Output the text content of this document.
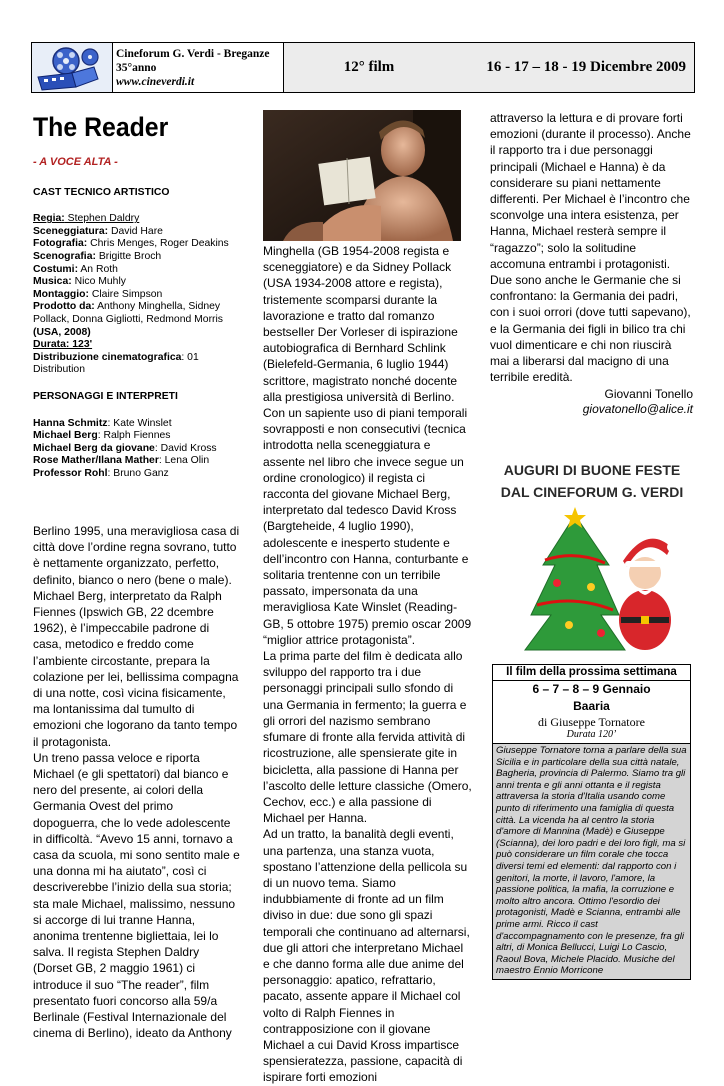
Cineforum G. Verdi - Breganze
35°anno
www.cineverdi.it
12° film	16 - 17 – 18 - 19 Dicembre 2009
The Reader
- A VOCE ALTA -
CAST TECNICO ARTISTICO
Regia: Stephen Daldry
Sceneggiatura: David Hare
Fotografia: Chris Menges, Roger Deakins
Scenografia: Brigitte Broch
Costumi: An Roth
Musica: Nico Muhly
Montaggio: Claire Simpson
Prodotto da: Anthony Minghella, Sidney Pollack, Donna Gigliotti, Redmond Morris
(USA, 2008)
Durata: 123'
Distribuzione cinematografica: 01 Distribution
PERSONAGGI E INTERPRETI
Hanna Schmitz: Kate Winslet
Michael Berg: Ralph Fiennes
Michael Berg da giovane: David Kross
Rose Mather/Ilana Mather: Lena Olin
Professor Rohl: Bruno Ganz

Berlino 1995, una meravigliosa casa di città dove l’ordine regna sovrano, tutto è nettamente organizzato, perfetto, definito, bianco o nero (bene o male). Michael Berg, interpretato da Ralph Fiennes (Ipswich GB, 22 dcembre 1962), è l’impeccabile padrone di casa, metodico e freddo come l’ambiente circostante, prepara la colazione per lei, bellissima compagna di una notte, così vicina fisicamente, ma lontanissima dal tumulto di emozioni che logorano da tanto tempo il protagonista.

Un treno passa veloce e riporta Michael (e gli spettatori) dal bianco e nero del presente, ai colori della Germania Ovest del primo dopoguerra, che lo vede adolescente in difficoltà. “Avevo 15 anni, tornavo a casa da scuola, mi sono sentito male e una donna mi ha aiutato”, così ci descriverebbe l’inizio della sua storia; sta male Michael, malissimo, nessuno si accorge di lui tranne Hanna, anonima trentenne bigliettaia, lei lo salva. Il regista Stephen Daldry (Dorset GB, 2 maggio 1961) ci introduce il suo “The reader”, film presentato fuori concorso alla 59/a Berlinale (Festival Internazionale del cinema di Berlino), ideato da Anthony

Minghella (GB 1954-2008 regista e sceneggiatore) e da Sidney Pollack (USA 1934-2008 attore e regista), tristemente scomparsi durante la lavorazione e tratto dal romanzo bestseller Der Vorleser di ispirazione autobiografica di Bernhard Schlink (Bielefeld-Germania, 6 luglio 1944) scrittore, magistrato nonché docente alla prestigiosa università di Berlino. Con un sapiente uso di piani temporali sovrapposti e non consecutivi (tecnica introdotta nella sceneggiatura e assente nel libro che invece segue un ordine cronologico) il regista ci racconta del giovane Michael Berg, interpretato dal tedesco David Kross (Bargteheide, 4 luglio 1990), adolescente e inesperto studente e dell’incontro con Hanna, conturbante e solitaria trentenne con un terribile passato, impersonata da una meravigliosa Kate Winslet (Reading-GB, 5 ottobre 1975) premio oscar 2009 “miglior attrice protagonista”.

La prima parte del film è dedicata allo sviluppo del rapporto tra i due personaggi principali sullo sfondo di una Germania in fermento; la guerra e gli orrori del nazismo sembrano sfumare di fronte alla fervida attività di ricostruzione, alle spensierate gite in bicicletta, alla passione di Hanna per l’ascolto delle letture classiche (Omero, Cechov, ecc.) e alla passione di Michael per Hanna.

Ad un tratto, la banalità degli eventi, una partenza, una stanza vuota, spostano l’attenzione della pellicola su di un nuovo tema. Siamo indubbiamente di fronte ad un film diviso in due: due sono gli spazi temporali che continuano ad alternarsi, due gli attori che interpretano Michael e che danno forma alle due anime del personaggio: apatico, refrattario, pacato, assente appare il Michael col volto di Ralph Fiennes in contrapposizione con il giovane Michael a cui David Kross impartisce spensieratezza, passione, capacità di ispirare forti emozioni

attraverso la lettura e di provare forti emozioni (durante il processo). Anche il rapporto tra i due personaggi principali (Michael e Hanna) è da considerare su piani nettamente differenti. Per Michael è l’incontro che sconvolge una intera esistenza, per Hanna, Michael resterà sempre il “ragazzo”; solo la solitudine accomuna entrambi i protagonisti. Due sono anche le Germanie che si confrontano: la Germania dei padri, con i suoi orrori (dove tutti sapevano), e la Germania dei figli in bilico tra chi vuol dimenticare e chi non riuscirà mai a liberarsi dal macigno di una terribile eredità.

Giovanni Tonello
giovatonello@alice.it
AUGURI DI BUONE FESTE
DAL CINEFORUM G. VERDI
Il film della prossima settimana
6 – 7 – 8 – 9 Gennaio
Baaria
di Giuseppe Tornatore
Durata 120’
Giuseppe Tornatore torna a parlare della sua Sicilia e in particolare della sua città natale, Bagheria, provincia di Palermo. Siamo tra gli anni trenta e gli anni ottanta e il regista attraversa la storia d'Italia usando come punto di riferimento una famiglia di questa città. La vicenda ha al centro la storia d'amore di Mannina (Madè) e Giuseppe (Scianna), dei loro padri e dei loro figli, ma si può considerare un film corale che tocca diversi temi ed elementi: dal rapporto con i genitori, la morte, il lavoro, l'amore, la passione politica, la mafia, la corruzione e molto altro ancora. Ottimo l'esordio dei protagonisti, Madè e Scianna, entrambi alle prime armi. Ricco il cast d'accompagnamento con le presenze, fra gli altri, di Monica Bellucci, Luigi Lo Cascio, Raoul Bova, Michele Placido. Musiche del maestro Ennio Morricone
